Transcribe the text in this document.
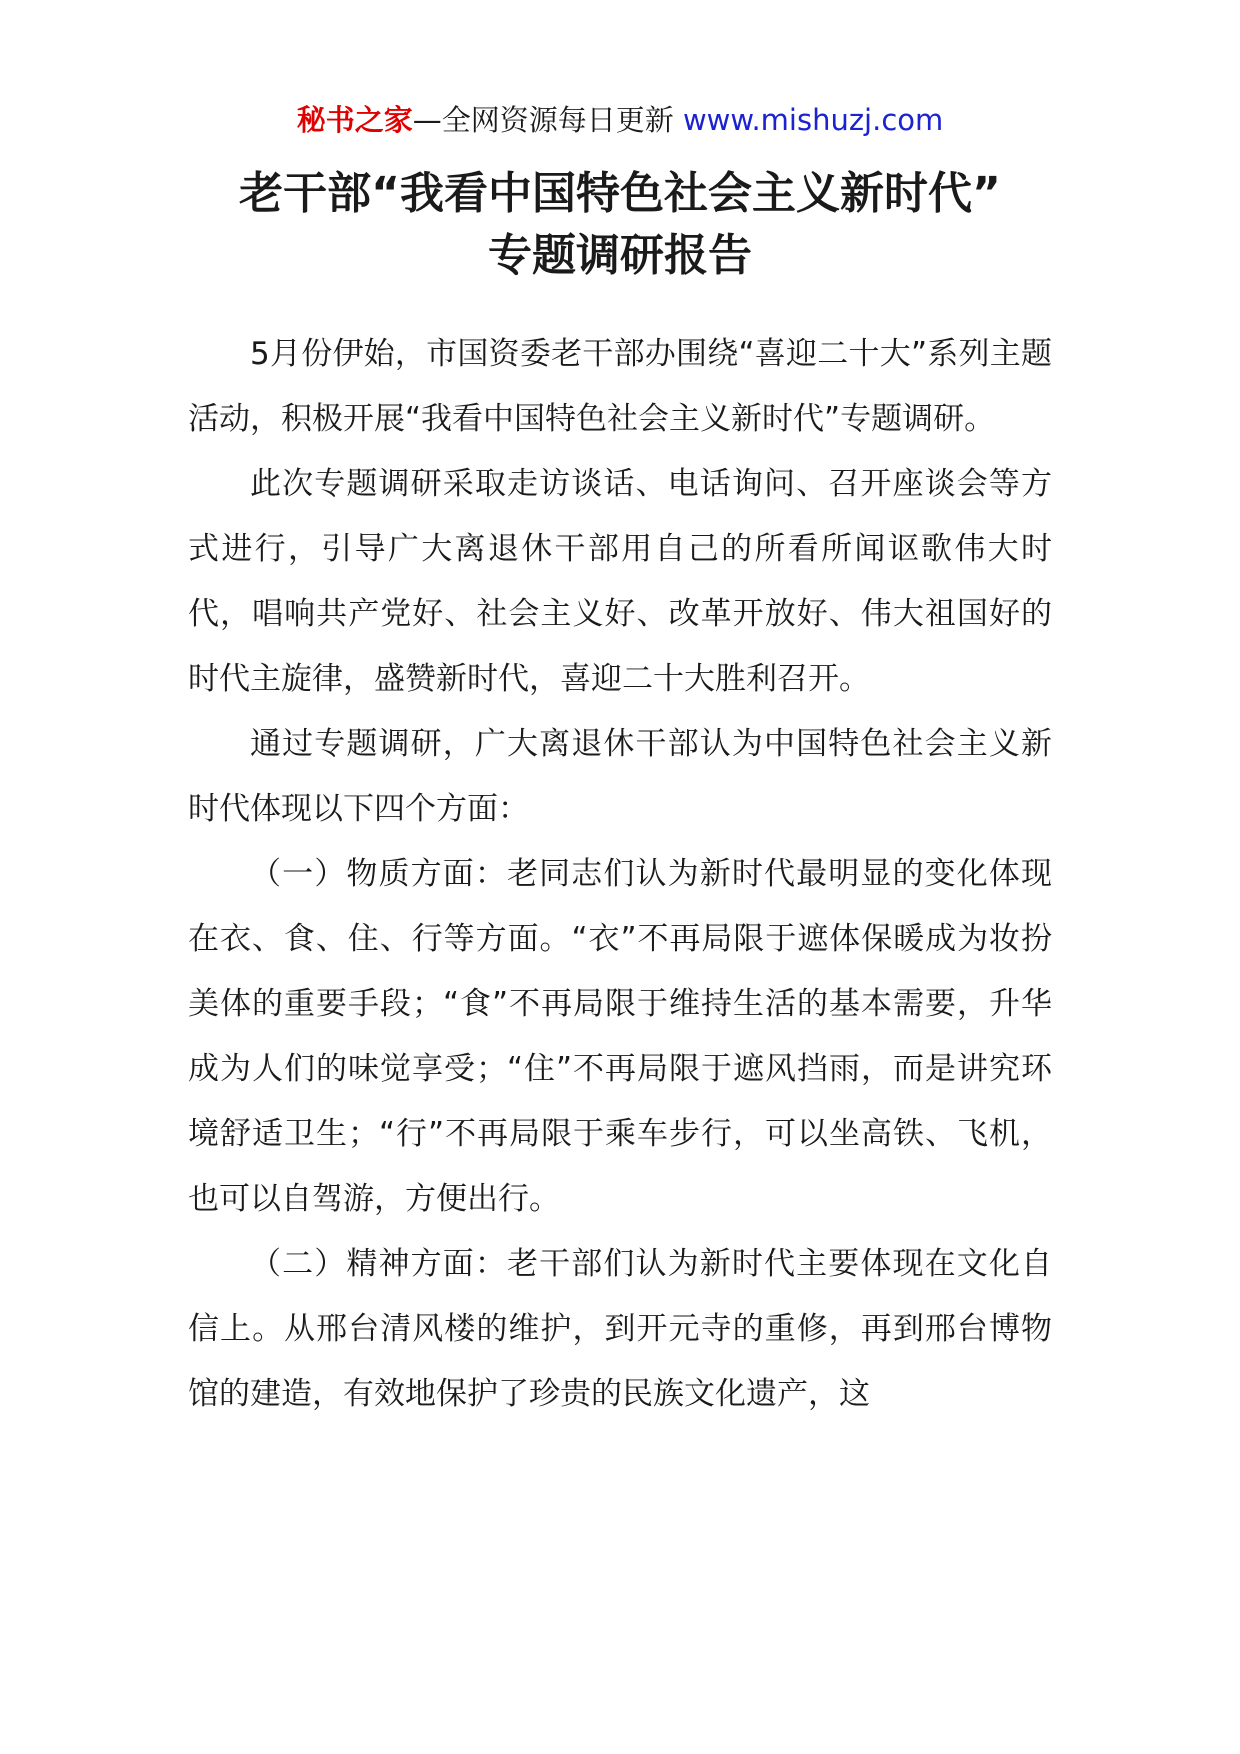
秘书之家—全网资源每日更新 www.mishuzj.com
老干部“我看中国特色社会主义新时代”
专题调研报告

5月份伊始，市国资委老干部办围绕“喜迎二十大”系列主题活动，积极开展“我看中国特色社会主义新时代”专题调研。

此次专题调研采取走访谈话、电话询问、召开座谈会等方式进行，引导广大离退休干部用自己的所看所闻讴歌伟大时代，唱响共产党好、社会主义好、改革开放好、伟大祖国好的时代主旋律，盛赞新时代，喜迎二十大胜利召开。

通过专题调研，广大离退休干部认为中国特色社会主义新时代体现以下四个方面：

（一）物质方面：老同志们认为新时代最明显的变化体现在衣、食、住、行等方面。“衣”不再局限于遮体保暖成为妆扮美体的重要手段；“食”不再局限于维持生活的基本需要，升华成为人们的味觉享受；“住”不再局限于遮风挡雨，而是讲究环境舒适卫生；“行”不再局限于乘车步行，可以坐高铁、飞机，也可以自驾游，方便出行。

（二）精神方面：老干部们认为新时代主要体现在文化自信上。从邢台清风楼的维护，到开元寺的重修，再到邢台博物馆的建造，有效地保护了珍贵的民族文化遗产，这
